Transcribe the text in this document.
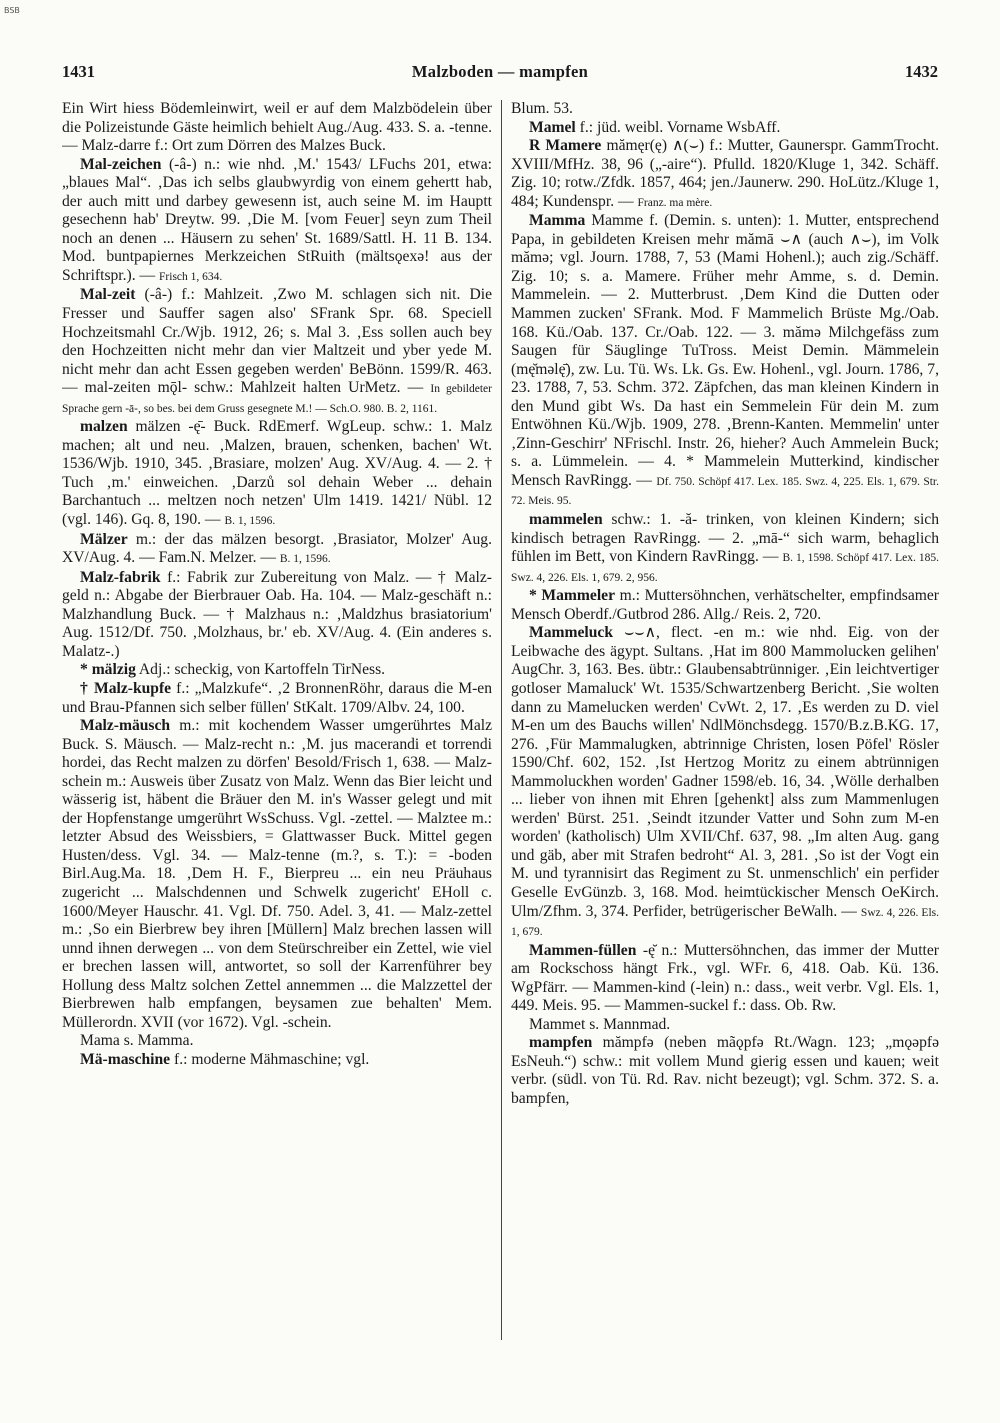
BSB
1431	Malzboden — mampfen	1432

Ein Wirt hiess Bödemleinwirt, weil er auf dem Malzbödelein über die Polizeistunde Gäste heimlich behielt Aug./Aug. 433. S. a. -tenne. — Malz-darre f.: Ort zum Dörren des Malzes Buck.

Mal-zeichen (-â-) n.: wie nhd. ‚M.' 1543/ LFuchs 201, etwa: „blaues Mal“. ‚Das ich selbs glaubwyrdig von einem gehertt hab, der auch mitt und darbey gewesenn ist, auch seine M. im Hauptt gesechenn hab' Dreytw. 99. ‚Die M. [vom Feuer] seyn zum Theil noch an denen ... Häusern zu sehen' St. 1689/Sattl. H. 11 B. 134. Mod. buntpapiernes Merkzeichen StRuith (mältsǫexə! aus der Schriftspr.). — Frisch 1, 634.

Mal-zeit (-â-) f.: Mahlzeit. ‚Zwo M. schlagen sich nit. Die Fresser und Sauffer sagen also' SFrank Spr. 68. Speciell Hochzeitsmahl Cr./Wjb. 1912, 26; s. Mal 3. ‚Ess sollen auch bey den Hochzeitten nicht mehr dan vier Maltzeit und yber yede M. nicht mehr dan acht Essen gegeben werden' BeBönn. 1599/R. 463. — mal-zeiten mǭl- schw.: Mahlzeit halten UrMetz. — In gebildeter Sprache gern -ā-, so bes. bei dem Gruss gesegnete M.! — Sch.O. 980. B. 2, 1161.

malzen mälzen -ę̄- Buck. RdEmerf. WgLeup. schw.: 1. Malz machen; alt und neu. ‚Malzen, brauen, schenken, bachen' Wt. 1536/Wjb. 1910, 345. ‚Brasiare, molzen' Aug. XV/Aug. 4. — 2. † Tuch ‚m.' einweichen. ‚Darzů sol dehain Weber ... dehain Barchantuch ... meltzen noch netzen' Ulm 1419. 1421/ Nübl. 12 (vgl. 146). Gq. 8, 190. — B. 1, 1596.

Mälzer m.: der das mälzen besorgt. ‚Brasiator, Molzer' Aug. XV/Aug. 4. — Fam.N. Melzer. — B. 1, 1596.

Malz-fabrik f.: Fabrik zur Zubereitung von Malz. — † Malz-geld n.: Abgabe der Bierbrauer Oab. Ha. 104. — Malz-geschäft n.: Malzhandlung Buck. — † Malzhaus n.: ‚Maldzhus brasiatorium' Aug. 1512/Df. 750. ‚Molzhaus, br.' eb. XV/Aug. 4. (Ein anderes s. Malatz-.)

* mälzig Adj.: scheckig, von Kartoffeln TirNess.

† Malz-kupfe f.: „Malzkufe“. ‚2 BronnenRöhr, daraus die M-en und Brau-Pfannen sich selber füllen' StKalt. 1709/Albv. 24, 100.

Malz-mäusch m.: mit kochendem Wasser umgerührtes Malz Buck. S. Mäusch. — Malz-recht n.: ‚M. jus macerandi et torrendi hordei, das Recht malzen zu dörfen' Besold/Frisch 1, 638. — Malz-schein m.: Ausweis über Zusatz von Malz. Wenn das Bier leicht und wässerig ist, häbent die Bräuer den M. in's Wasser gelegt und mit der Hopfenstange umgerührt WsSchuss. Vgl. -zettel. — Malztee m.: letzter Absud des Weissbiers, = Glattwasser Buck. Mittel gegen Husten/dess. Vgl. 34. — Malz-tenne (m.?, s. T.): = -boden Birl.Aug.Ma. 18. ‚Dem H. F., Bierpreu ... ein neu Präuhaus zugericht ... Malschdennen und Schwelk zugericht' EHoll c. 1600/Meyer Hauschr. 41. Vgl. Df. 750. Adel. 3, 41. — Malz-zettel m.: ‚So ein Bierbrew bey ihren [Müllern] Malz brechen lassen will unnd ihnen derwegen ... von dem Steürschreiber ein Zettel, wie viel er brechen lassen will, antwortet, so soll der Karrenführer bey Hollung dess Maltz solchen Zettel annemmen ... die Malzzettel der Bierbrewen halb empfangen, beysamen zue behalten' Mem. Müllerordn. XVII (vor 1672). Vgl. -schein.

Mama s. Mamma.

Mä-maschine f.: moderne Mähmaschine; vgl.

Blum. 53.

Mamel f.: jüd. weibl. Vorname WsbAff.

R Mamere mămęr(ę) ∧(⌣) f.: Mutter, Gaunerspr. GammTrocht. XVIII/MfHz. 38, 96 („-aire“). Pfulld. 1820/Kluge 1, 342. Schäff. Zig. 10; rotw./Zfdk. 1857, 464; jen./Jaunerw. 290. HoLütz./Kluge 1, 484; Kundenspr. — Franz. ma mère.

Mamma Mamme f. (Demin. s. unten): 1. Mutter, entsprechend Papa, in gebildeten Kreisen mehr mămā ⌣∧ (auch ∧⌣), im Volk mămə; vgl. Journ. 1788, 7, 53 (Mami Hohenl.); auch zig./Schäff. Zig. 10; s. a. Mamere. Früher mehr Amme, s. d. Demin. Mammelein. — 2. Mutterbrust. ‚Dem Kind die Dutten oder Mammen zucken' SFrank. Mod. F Mammelich Brüste Mg./Oab. 168. Kü./Oab. 137. Cr./Oab. 122. — 3. mămə Milchgefäss zum Saugen für Säuglinge TuTross. Meist Demin. Mämmelein (mę̆məlę̄), zw. Lu. Tü. Ws. Lk. Gs. Ew. Hohenl., vgl. Journ. 1786, 7, 23. 1788, 7, 53. Schm. 372. Zäpfchen, das man kleinen Kindern in den Mund gibt Ws. Da hast ein Semmelein Für dein M. zum Entwöhnen Kü./Wjb. 1909, 278. ‚Brenn-Kanten. Memmelin' unter ‚Zinn-Geschirr' NFrischl. Instr. 26, hieher? Auch Ammelein Buck; s. a. Lümmelein. — 4. * Mammelein Mutterkind, kindischer Mensch RavRingg. — Df. 750. Schöpf 417. Lex. 185. Swz. 4, 225. Els. 1, 679. Str. 72. Meis. 95.

mammelen schw.: 1. -ă- trinken, von kleinen Kindern; sich kindisch betragen RavRingg. — 2. „mā-“ sich warm, behaglich fühlen im Bett, von Kindern RavRingg. — B. 1, 1598. Schöpf 417. Lex. 185. Swz. 4, 226. Els. 1, 679. 2, 956.

* Mammeler m.: Muttersöhnchen, verhätschelter, empfindsamer Mensch Oberdf./Gutbrod 286. Allg./ Reis. 2, 720.

Mammeluck ⌣⌣∧, flect. -en m.: wie nhd. Eig. von der Leibwache des ägypt. Sultans. ‚Hat im 800 Mammolucken gelihen' AugChr. 3, 163. Bes. übtr.: Glaubensabtrünniger. ‚Ein leichtvertiger gotloser Mamaluck' Wt. 1535/Schwartzenberg Bericht. ‚Sie wolten dann zu Mamelucken werden' CvWt. 2, 17. ‚Es werden zu D. viel M-en um des Bauchs willen' NdlMönchsdegg. 1570/B.z.B.KG. 17, 276. ‚Für Mammalugken, abtrinnige Christen, losen Pöfel' Rösler 1590/Chf. 602, 152. ‚Ist Hertzog Moritz zu einem abtrünnigen Mammoluckhen worden' Gadner 1598/eb. 16, 34. ‚Wölle derhalben ... lieber von ihnen mit Ehren [gehenkt] alss zum Mammenlugen werden' Bürst. 251. ‚Seindt itzunder Vatter und Sohn zum M-en worden' (katholisch) Ulm XVII/Chf. 637, 98. „Im alten Aug. gang und gäb, aber mit Strafen bedroht“ Al. 3, 281. ‚So ist der Vogt ein M. und tyrannisirt das Regiment zu St. unmenschlich' ein perfider Geselle EvGünzb. 3, 168. Mod. heimtückischer Mensch OeKirch. Ulm/Zfhm. 3, 374. Perfider, betrügerischer BeWalh. — Swz. 4, 226. Els. 1, 679.

Mammen-füllen -ę̆ n.: Muttersöhnchen, das immer der Mutter am Rockschoss hängt Frk., vgl. WFr. 6, 418. Oab. Kü. 136. WgPfärr. — Mammen-kind (-lein) n.: dass., weit verbr. Vgl. Els. 1, 449. Meis. 95. — Mammen-suckel f.: dass. Ob. Rw.

Mammet s. Mannmad.

mampfen mămpfə (neben mãǫpfə Rt./Wagn. 123; „mǫəpfə EsNeuh.“) schw.: mit vollem Mund gierig essen und kauen; weit verbr. (südl. von Tü. Rd. Rav. nicht bezeugt); vgl. Schm. 372. S. a. bampfen,
